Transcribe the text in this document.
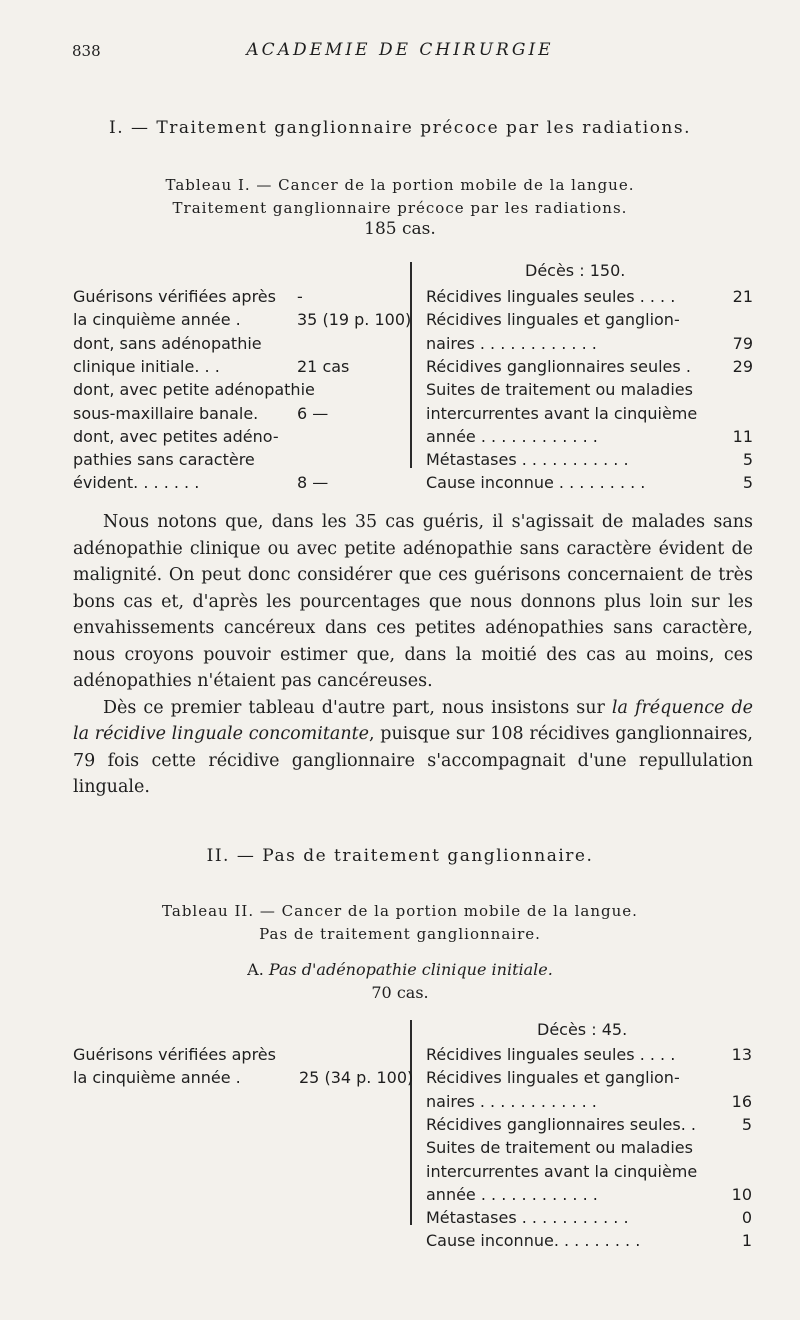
838	ACADEMIE DE CHIRURGIE
I. — Traitement ganglionnaire précoce par les radiations.
Tableau I. — Cancer de la portion mobile de la langue.
Traitement ganglionnaire précoce par les radiations.
185 cas.
Décès : 150.
Guérisons vérifiées après -
la cinquième année .	35 (19 p. 100)
dont, sans adénopathie
clinique initiale. . .	21 cas
dont, avec petite adénopathie
sous-maxillaire banale. 6 —
dont, avec petites adéno-
pathies sans caractère
évident. . . . . . .	8 —
Récidives linguales seules . . . .	21
Récidives linguales et ganglion-
naires . . . . . . . . . . . .	79
Récidives ganglionnaires seules .	29
Suites de traitement ou maladies
intercurrentes avant la cinquième
année . . . . . . . . . . . .	11
Métastases . . . . . . . . . . .	5
Cause inconnue . . . . . . . . .	5

Nous notons que, dans les 35 cas guéris, il s'agissait de malades sans adénopathie clinique ou avec petite adénopathie sans caractère évident de malignité. On peut donc considérer que ces guérisons concernaient de très bons cas et, d'après les pourcentages que nous donnons plus loin sur les envahissements cancéreux dans ces petites adénopathies sans caractère, nous croyons pouvoir estimer que, dans la moitié des cas au moins, ces adénopathies n'étaient pas cancéreuses.

Dès ce premier tableau d'autre part, nous insistons sur la fréquence de la récidive linguale concomitante, puisque sur 108 récidives ganglionnaires, 79 fois cette récidive ganglionnaire s'accompagnait d'une repullulation linguale.

II. — Pas de traitement ganglionnaire.
Tableau II. — Cancer de la portion mobile de la langue.
Pas de traitement ganglionnaire.
A. Pas d'adénopathie clinique initiale.
70 cas.
Décès : 45.
Guérisons vérifiées après
la cinquième année .	25 (34 p. 100)
Récidives linguales seules . . . .	13
Récidives linguales et ganglion-
naires . . . . . . . . . . . .	16
Récidives ganglionnaires seules. .	5
Suites de traitement ou maladies
intercurrentes avant la cinquième
année . . . . . . . . . . . .	10
Métastases . . . . . . . . . . .	0
Cause inconnue. . . . . . . . .	1
